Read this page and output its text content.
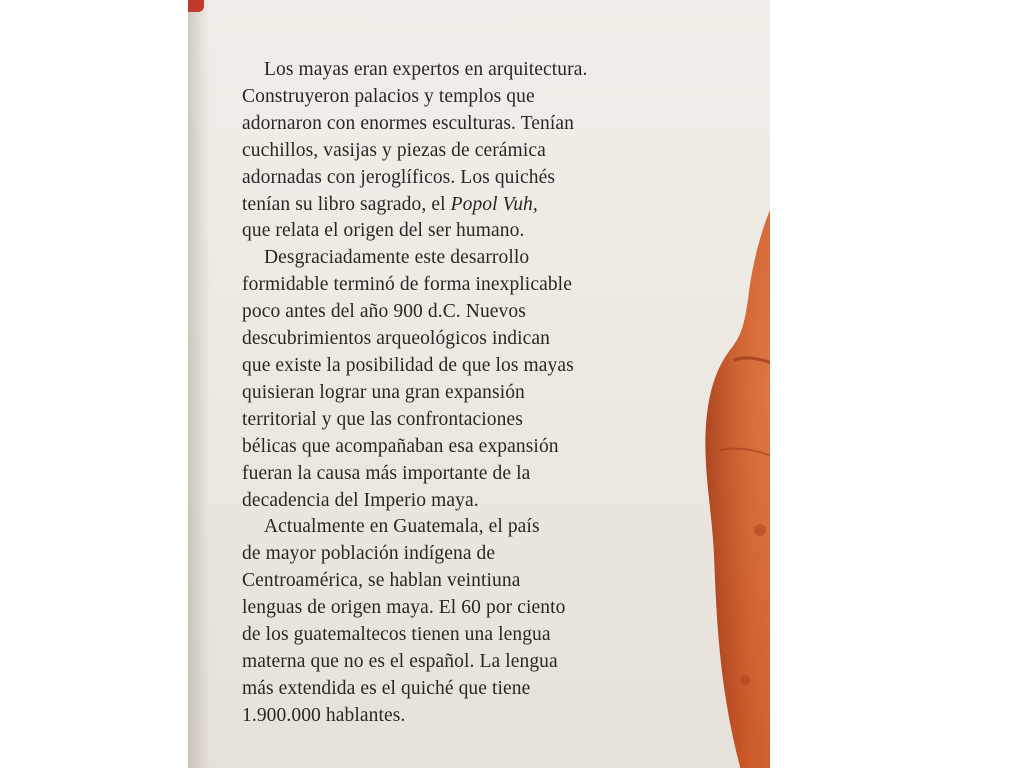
Los mayas eran expertos en arquitectura.
Construyeron palacios y templos que
adornaron con enormes esculturas. Tenían
cuchillos, vasijas y piezas de cerámica
adornadas con jeroglíficos. Los quichés
tenían su libro sagrado, el Popol Vuh,
que relata el origen del ser humano.
Desgraciadamente este desarrollo
formidable terminó de forma inexplicable
poco antes del año 900 d.C. Nuevos
descubrimientos arqueológicos indican
que existe la posibilidad de que los mayas
quisieran lograr una gran expansión
territorial y que las confrontaciones
bélicas que acompañaban esa expansión
fueran la causa más importante de la
decadencia del Imperio maya.
Actualmente en Guatemala, el país
de mayor población indígena de
Centroamérica, se hablan veintiuna
lenguas de origen maya. El 60 por ciento
de los guatemaltecos tienen una lengua
materna que no es el español. La lengua
más extendida es el quiché que tiene
1.900.000 hablantes.
